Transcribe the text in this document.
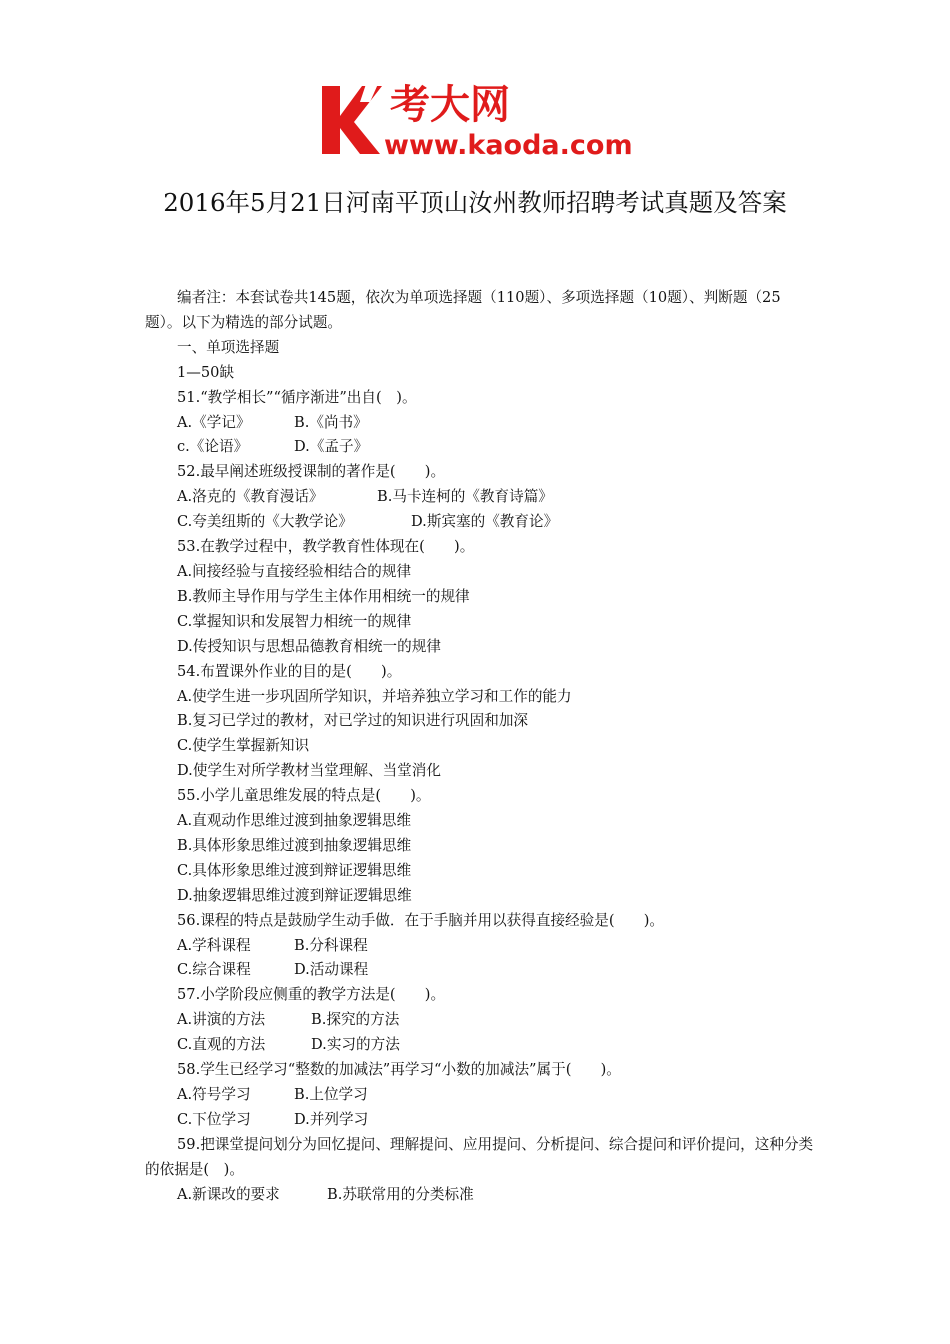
考大网
www.kaoda.com
2016年5月21日河南平顶山汝州教师招聘考试真题及答案

编者注：本套试卷共145题，依次为单项选择题（110题）、多项选择题（10题）、判断题（25题）。以下为精选的部分试题。

一、单项选择题

1—50缺

51.“教学相长”“循序渐进”出自(　)。

A.《学记》	B.《尚书》

c.《论语》	D.《孟子》

52.最早阐述班级授课制的著作是(　　)。

A.洛克的《教育漫话》	B.马卡连柯的《教育诗篇》

C.夸美纽斯的《大教学论》	D.斯宾塞的《教育论》

53.在教学过程中，教学教育性体现在(　　)。

A.间接经验与直接经验相结合的规律

B.教师主导作用与学生主体作用相统一的规律

C.掌握知识和发展智力相统一的规律

D.传授知识与思想品德教育相统一的规律

54.布置课外作业的目的是(　　)。

A.使学生进一步巩固所学知识，并培养独立学习和工作的能力

B.复习已学过的教材，对已学过的知识进行巩固和加深

C.使学生掌握新知识

D.使学生对所学教材当堂理解、当堂消化

55.小学儿童思维发展的特点是(　　)。

A.直观动作思维过渡到抽象逻辑思维

B.具体形象思维过渡到抽象逻辑思维

C.具体形象思维过渡到辩证逻辑思维

D.抽象逻辑思维过渡到辩证逻辑思维

56.课程的特点是鼓励学生动手做．在于手脑并用以获得直接经验是(　　)。

A.学科课程	B.分科课程

C.综合课程	D.活动课程

57.小学阶段应侧重的教学方法是(　　)。

A.讲演的方法	B.探究的方法

C.直观的方法	D.实习的方法

58.学生已经学习“整数的加减法”再学习“小数的加减法”属于(　　)。

A.符号学习	B.上位学习

C.下位学习	D.并列学习

59.把课堂提问划分为回忆提问、理解提问、应用提问、分析提问、综合提问和评价提问，这种分类的依据是(　)。

A.新课改的要求	B.苏联常用的分类标准
